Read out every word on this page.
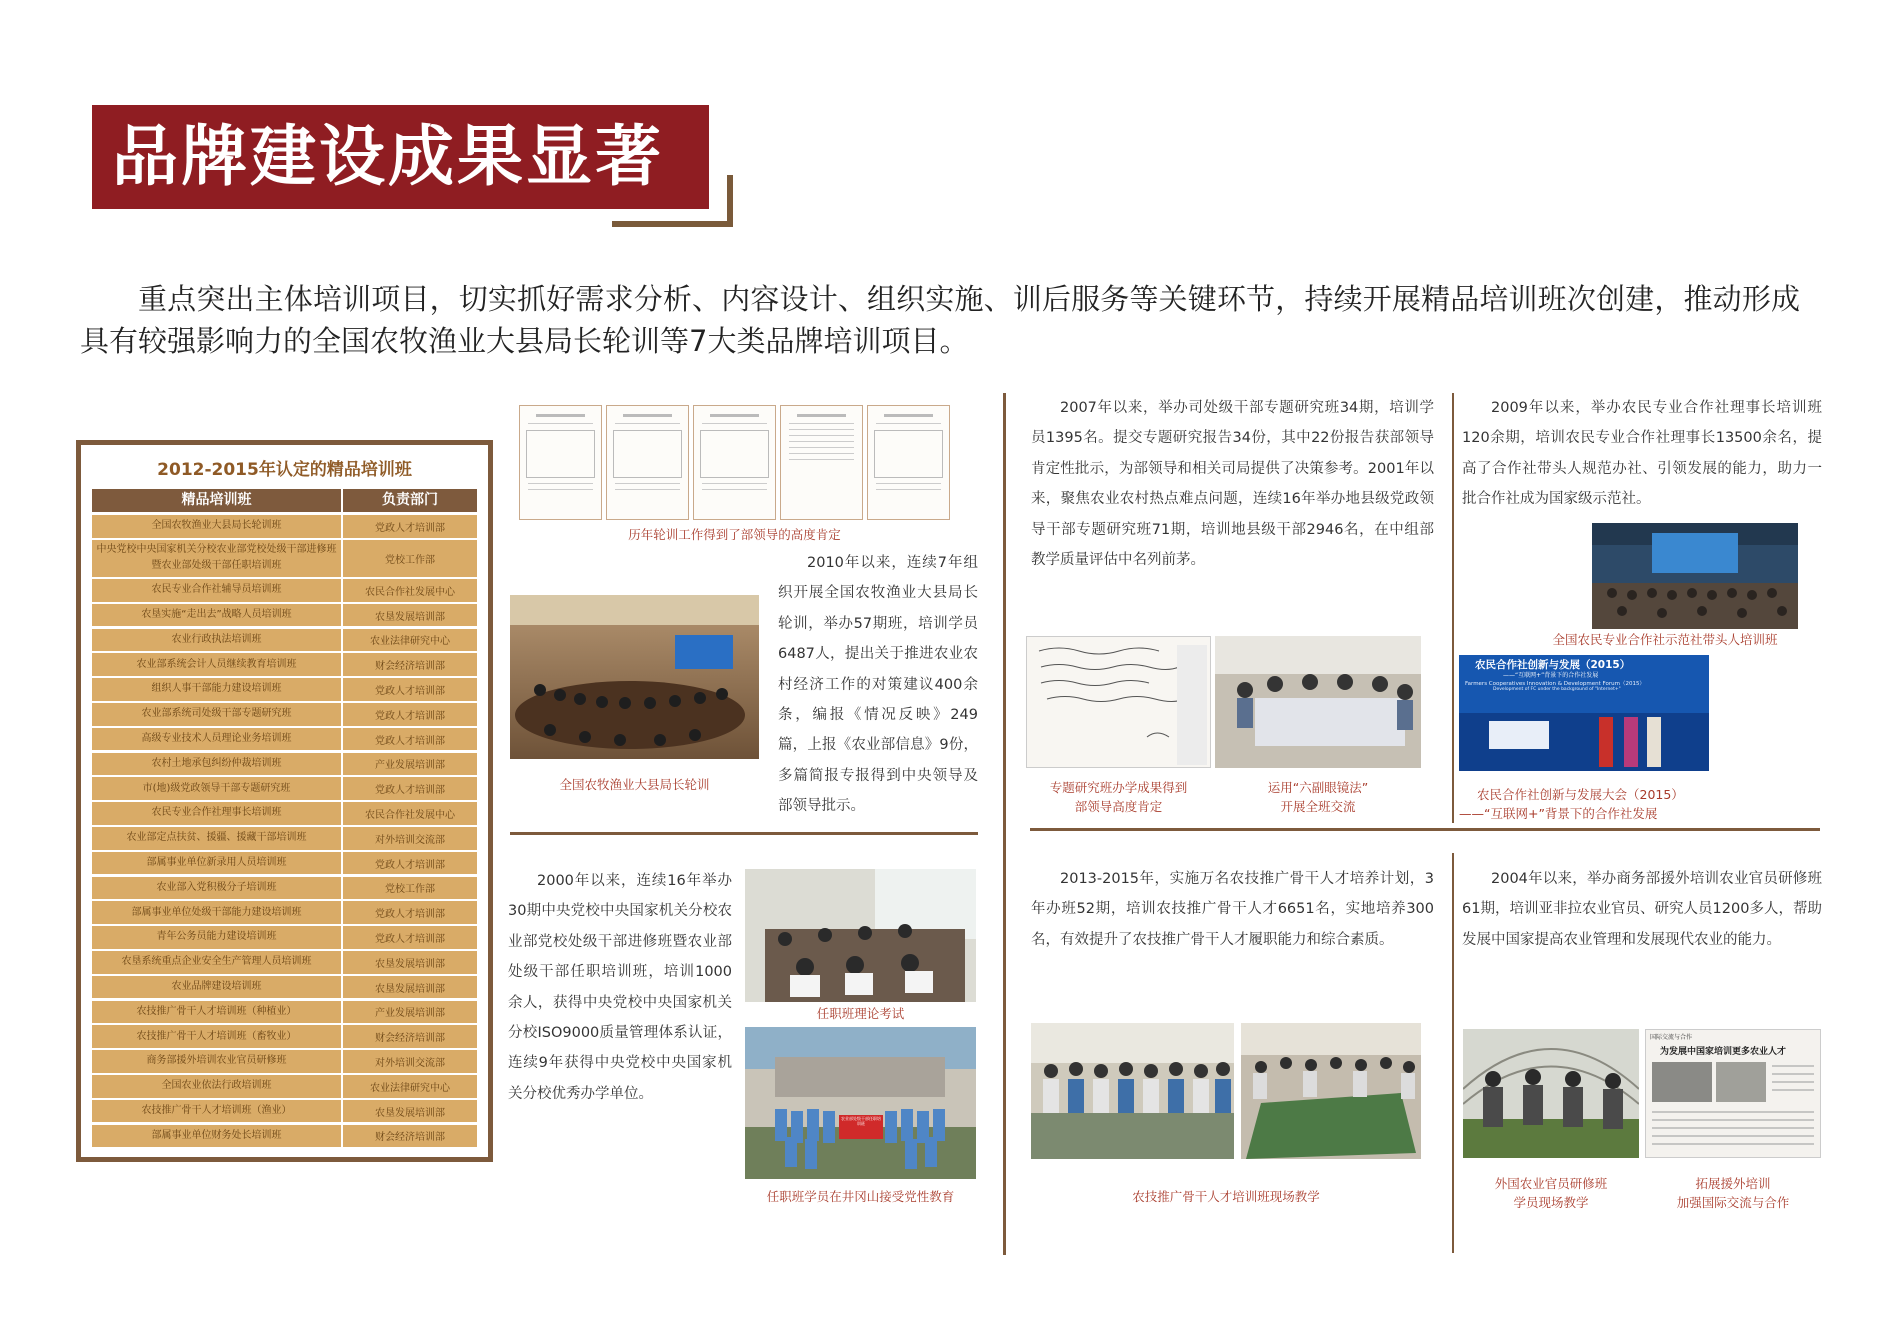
品牌建设成果显著

重点突出主体培训项目，切实抓好需求分析、内容设计、组织实施、训后服务等关键环节，持续开展精品培训班次创建，推动形成具有较强影响力的全国农牧渔业大县局长轮训等7大类品牌培训项目。

2012-2015年认定的精品培训班
精品培训班	负责部门
全国农牧渔业大县局长轮训班	党政人才培训部
中央党校中央国家机关分校农业部党校处级干部进修班暨农业部处级干部任职培训班	党校工作部
农民专业合作社辅导员培训班	农民合作社发展中心
农垦实施“走出去”战略人员培训班	农垦发展培训部
农业行政执法培训班	农业法律研究中心
农业部系统会计人员继续教育培训班	财会经济培训部
组织人事干部能力建设培训班	党政人才培训部
农业部系统司处级干部专题研究班	党政人才培训部
高级专业技术人员理论业务培训班	党政人才培训部
农村土地承包纠纷仲裁培训班	产业发展培训部
市(地)级党政领导干部专题研究班	党政人才培训部
农民专业合作社理事长培训班	农民合作社发展中心
农业部定点扶贫、援疆、援藏干部培训班	对外培训交流部
部属事业单位新录用人员培训班	党政人才培训部
农业部入党积极分子培训班	党校工作部
部属事业单位处级干部能力建设培训班	党政人才培训部
青年公务员能力建设培训班	党政人才培训部
农垦系统重点企业安全生产管理人员培训班	农垦发展培训部
农业品牌建设培训班	农垦发展培训部
农技推广骨干人才培训班（种植业）	产业发展培训部
农技推广骨干人才培训班（畜牧业）	财会经济培训部
商务部援外培训农业官员研修班	对外培训交流部
全国农业依法行政培训班	农业法律研究中心
农技推广骨干人才培训班（渔业）	农垦发展培训部
部属事业单位财务处长培训班	财会经济培训部
历年轮训工作得到了部领导的高度肯定
全国农牧渔业大县局长轮训

2010年以来，连续7年组织开展全国农牧渔业大县局长轮训，举办57期班，培训学员6487人，提出关于推进农业农村经济工作的对策建议400余条，编报《情况反映》249篇，上报《农业部信息》9份，多篇简报专报得到中央领导及部领导批示。

2000年以来，连续16年举办30期中央党校中央国家机关分校农业部党校处级干部进修班暨农业部处级干部任职培训班，培训1000余人，获得中央党校中央国家机关分校ISO9000质量管理体系认证，连续9年获得中央党校中央国家机关分校优秀办学单位。

任职班理论考试
农业部处级干部任职培训班
任职班学员在井冈山接受党性教育

2007年以来，举办司处级干部专题研究班34期，培训学员1395名。提交专题研究报告34份，其中22份报告获部领导肯定性批示，为部领导和相关司局提供了决策参考。2001年以来，聚焦农业农村热点难点问题，连续16年举办地县级党政领导干部专题研究班71期，培训地县级干部2946名，在中组部教学质量评估中名列前茅。

专题研究班办学成果得到
部领导高度肯定
运用“六副眼镜法”
开展全班交流

2009年以来，举办农民专业合作社理事长培训班120余期，培训农民专业合作社理事长13500余名，提高了合作社带头人规范办社、引领发展的能力，助力一批合作社成为国家级示范社。

全国农民专业合作社示范社带头人培训班
农民合作社创新与发展（2015）
——“互联网+”背景下的合作社发展
Farmers Cooperatives Innovation & Development Forum（2015）
Development of FC under the background of "Internet+"
农民合作社创新与发展大会（2015）
——“互联网+”背景下的合作社发展

2013-2015年，实施万名农技推广骨干人才培养计划，3年办班52期，培训农技推广骨干人才6651名，实地培养300名，有效提升了农技推广骨干人才履职能力和综合素质。

农技推广骨干人才培训班现场教学

2004年以来，举办商务部援外培训农业官员研修班61期，培训亚非拉农业官员、研究人员1200多人，帮助发展中国家提高农业管理和发展现代农业的能力。

国际交流与合作
为发展中国家培训更多农业人才
外国农业官员研修班
学员现场教学
拓展援外培训
加强国际交流与合作
